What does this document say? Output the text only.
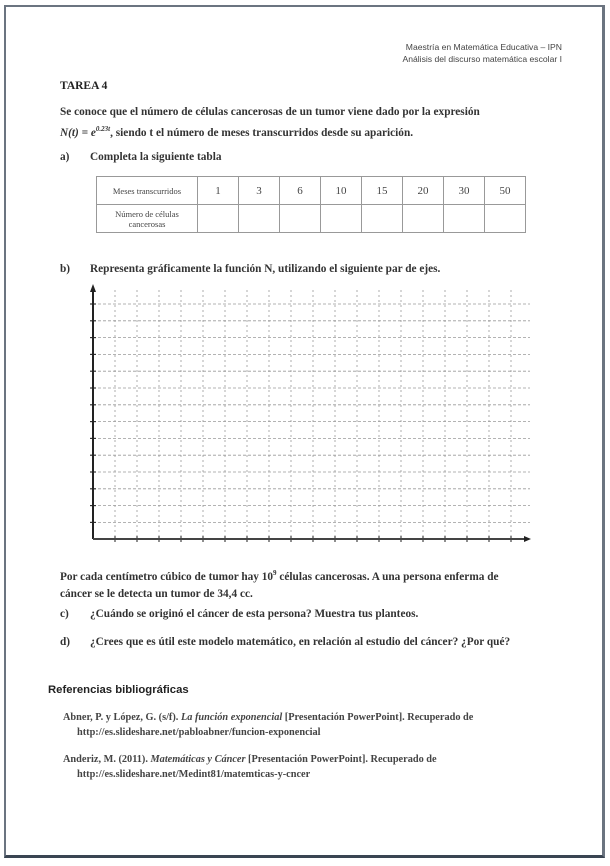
Maestría en Matemática Educativa – IPN
Análisis del discurso matemática escolar I
TAREA 4
Se conoce que el número de células cancerosas de un tumor viene dado por la expresión
$N(t) = e^{0.23t}$, siendo t el número de meses transcurridos desde su aparición.
a) Completa la siguiente tabla
Meses transcurridos	1	3	6	10	15	20	30	50
Número de células cancerosas								
b) Representa gráficamente la función N, utilizando el siguiente par de ejes.
Por cada centímetro cúbico de tumor hay $10^9$ células cancerosas. A una persona enferma de
cáncer se le detecta un tumor de 34,4 cc.
c) ¿Cuándo se originó el cáncer de esta persona? Muestra tus planteos.
d) ¿Crees que es útil este modelo matemático, en relación al estudio del cáncer? ¿Por qué?
Referencias bibliográficas
Abner, P. y López, G. (s/f). La función exponencial [Presentación PowerPoint]. Recuperado de
http://es.slideshare.net/pabloabner/funcion-exponencial
Anderiz, M. (2011). Matemáticas y Cáncer [Presentación PowerPoint]. Recuperado de
http://es.slideshare.net/Medint81/matemticas-y-cncer
